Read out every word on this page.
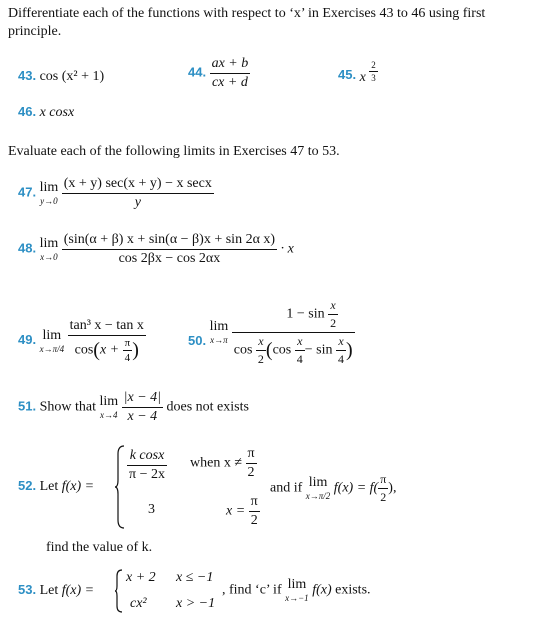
Differentiate each of the functions with respect to ‘x’ in Exercises 43 to 46 using first
principle.
43. cos (x² + 1)	44. $\frac{ax + b}{cx + d}$	45. x $\frac{2}{3}$
46. x cosx
Evaluate each of the following limits in Exercises 47 to 53.
47. lim
y→0
$\frac{\text{(x + y) sec(x + y) − x secx}}{y}$
48. lim
x→0
$\frac{\text{(sin(α + β) x + sin(α − β)x + sin 2α x)}}{\cos 2\beta x - \cos 2\alpha x} \cdot x$
49. lim
x→π/4
$\frac{\text{tan³ x − tan x}}{\cos(x + \frac{\pi}{4} )}$	50.
lim
x→π

$1 - \sin \frac{x}{2}$
$\cos \frac{x}{2} (\cos \frac{x}{4} - \sin \frac{x}{4}$ )
51. Show that lim
x→4
$\frac{|x - 4|}{x - 4}$ does not exists
52. Let f(x) =
$\frac{\text{k cosx}}{\pi - 2x}$ when $x \ne \frac{\pi}{2}$
3	$x = \frac{\pi}{2}$
and if lim
x→π/2
$f(x) = f( \frac{\pi}{2}$ ),
find the value of k.
53. Let f(x) =
x + 2 x ≤ −1
cx² x > −1
, find ‘c’ if lim
x→−1
f(x) exists.
